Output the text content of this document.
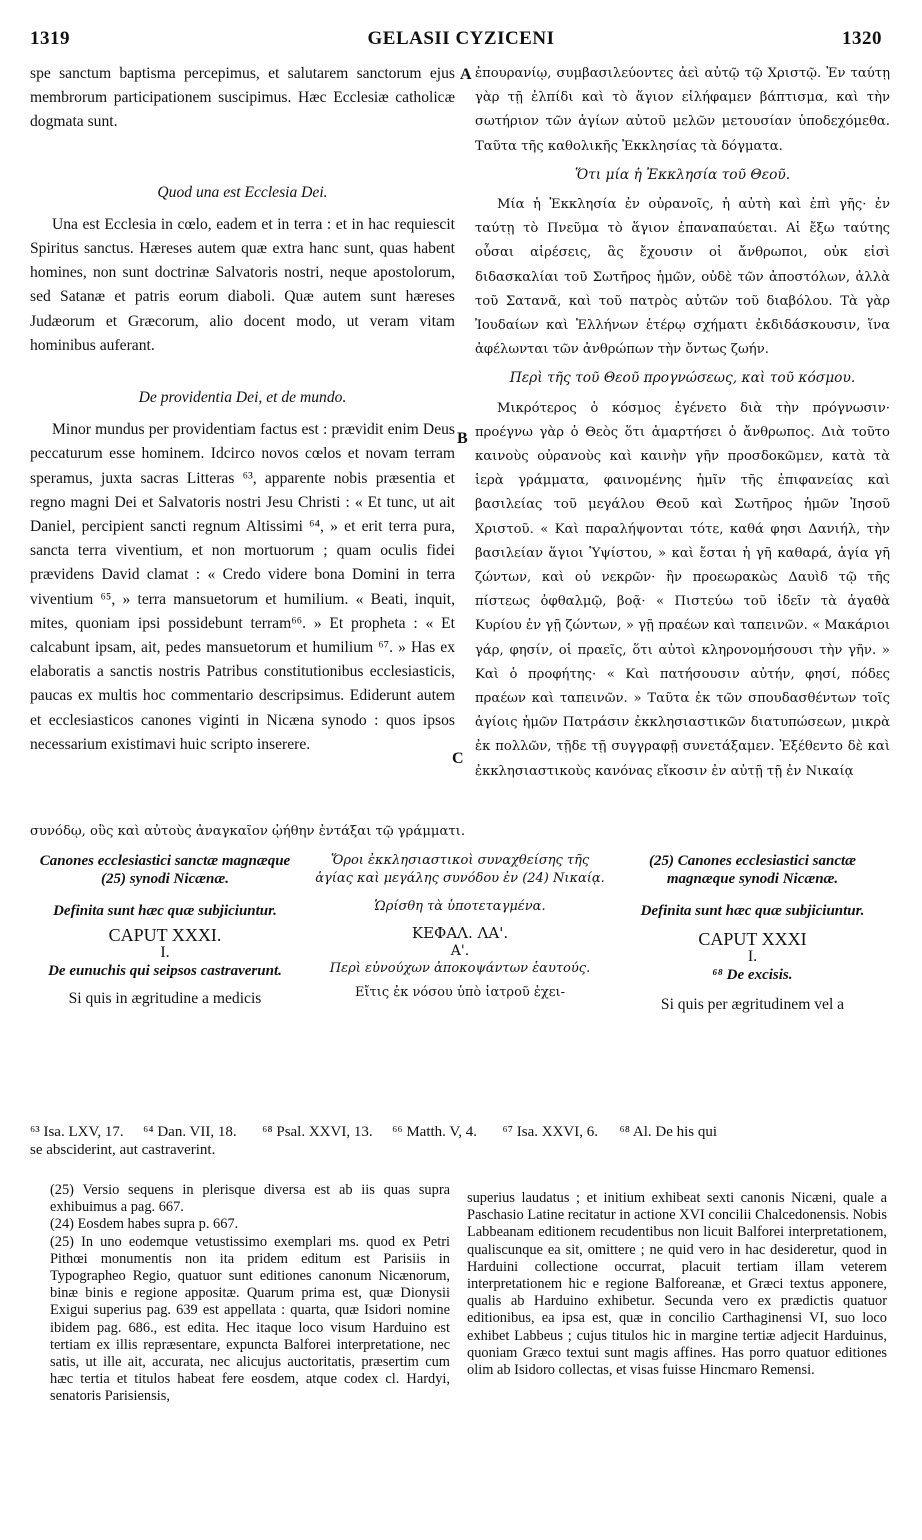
1319	GELASII CYZICENI	1320

spe sanctum baptisma percepimus, et salutarem sanctorum ejus membrorum participationem suscipimus. Hæc Ecclesiæ catholicæ dogmata sunt.

Quod una est Ecclesia Dei.

Una est Ecclesia in cœlo, eadem et in terra : et in hac requiescit Spiritus sanctus. Hæreses autem quæ extra hanc sunt, quas habent homines, non sunt doctrinæ Salvatoris nostri, neque apostolorum, sed Satanæ et patris eorum diaboli. Quæ autem sunt hæreses Judæorum et Græcorum, alio docent modo, ut veram vitam hominibus auferant.

De providentia Dei, et de mundo.

Minor mundus per providentiam factus est : prævidit enim Deus peccaturum esse hominem. Idcirco novos cœlos et novam terram speramus, juxta sacras Litteras ⁶³, apparente nobis præsentia et regno magni Dei et Salvatoris nostri Jesu Christi : « Et tunc, ut ait Daniel, percipient sancti regnum Altissimi ⁶⁴, » et erit terra pura, sancta terra viventium, et non mortuorum ; quam oculis fidei prævidens David clamat : « Credo videre bona Domini in terra viventium ⁶⁵, » terra mansuetorum et humilium. « Beati, inquit, mites, quoniam ipsi possidebunt terram⁶⁶. » Et propheta : « Et calcabunt ipsam, ait, pedes mansuetorum et humilium ⁶⁷. » Has ex elaboratis a sanctis nostris Patribus constitutionibus ecclesiasticis, paucas ex multis hoc commentario descripsimus. Ediderunt autem et ecclesiasticos canones viginti in Nicæna synodo : quos ipsos necessarium existimavi huic scripto inserere.

A
B
C

ἐπουρανίῳ, συμβασιλεύοντες ἀεὶ αὐτῷ τῷ Χριστῷ. Ἐν ταύτῃ γὰρ τῇ ἐλπίδι καὶ τὸ ἅγιον εἰλήφαμεν βάπτισμα, καὶ τὴν σωτήριον τῶν ἁγίων αὐτοῦ μελῶν μετουσίαν ὑποδεχόμεθα. Ταῦτα τῆς καθολικῆς Ἐκκλησίας τὰ δόγματα.

Ὅτι μία ἡ Ἐκκλησία τοῦ Θεοῦ.

Μία ἡ Ἐκκλησία ἐν οὐρανοῖς, ἡ αὐτὴ καὶ ἐπὶ γῆς· ἐν ταύτῃ τὸ Πνεῦμα τὸ ἅγιον ἐπαναπαύεται. Αἱ ἔξω ταύτης οὖσαι αἱρέσεις, ἃς ἔχουσιν οἱ ἄνθρωποι, οὐκ εἰσὶ διδασκαλίαι τοῦ Σωτῆρος ἡμῶν, οὐδὲ τῶν ἀποστόλων, ἀλλὰ τοῦ Σατανᾶ, καὶ τοῦ πατρὸς αὐτῶν τοῦ διαβόλου. Τὰ γὰρ Ἰουδαίων καὶ Ἑλλήνων ἑτέρῳ σχήματι ἐκδιδάσκουσιν, ἵνα ἀφέλωνται τῶν ἀνθρώπων τὴν ὄντως ζωήν.

Περὶ τῆς τοῦ Θεοῦ προγνώσεως, καὶ τοῦ κόσμου.

Μικρότερος ὁ κόσμος ἐγένετο διὰ τὴν πρόγνωσιν· προέγνω γὰρ ὁ Θεὸς ὅτι ἁμαρτήσει ὁ ἄνθρωπος. Διὰ τοῦτο καινοὺς οὐρανοὺς καὶ καινὴν γῆν προσδοκῶμεν, κατὰ τὰ ἱερὰ γράμματα, φαινομένης ἡμῖν τῆς ἐπιφανείας καὶ βασιλείας τοῦ μεγάλου Θεοῦ καὶ Σωτῆρος ἡμῶν Ἰησοῦ Χριστοῦ. « Καὶ παραλήψονται τότε, καθά φησι Δανιήλ, τὴν βασιλείαν ἅγιοι Ὑψίστου, » καὶ ἔσται ἡ γῆ καθαρά, ἁγία γῆ ζώντων, καὶ οὐ νεκρῶν· ἣν προεωρακὼς Δαυὶδ τῷ τῆς πίστεως ὀφθαλμῷ, βοᾷ· « Πιστεύω τοῦ ἰδεῖν τὰ ἀγαθὰ Κυρίου ἐν γῇ ζώντων, » γῇ πραέων καὶ ταπεινῶν. « Μακάριοι γάρ, φησίν, οἱ πραεῖς, ὅτι αὐτοὶ κληρονομήσουσι τὴν γῆν. » Καὶ ὁ προφήτης· « Καὶ πατήσουσιν αὐτήν, φησί, πόδες πραέων καὶ ταπεινῶν. » Ταῦτα ἐκ τῶν σπουδασθέντων τοῖς ἁγίοις ἡμῶν Πατράσιν ἐκκλησιαστικῶν διατυπώσεων, μικρὰ ἐκ πολλῶν, τῇδε τῇ συγγραφῇ συνετάξαμεν. Ἐξέθεντο δὲ καὶ ἐκκλησιαστικοὺς κανόνας εἴκοσιν ἐν αὐτῇ τῇ ἐν Νικαίᾳ

συνόδῳ, οὓς καὶ αὐτοὺς ἀναγκαῖον ᾠήθην ἐντάξαι τῷ γράμματι.
Canones ecclesiastici sanctæ magnæque (25) synodi Nicænæ.
Definita sunt hæc quæ subjiciuntur.
CAPUT XXXI.
I.
De eunuchis qui seipsos castraverunt.
Si quis in ægritudine a medicis
Ὅροι ἐκκλησιαστικοὶ συναχθείσης τῆς ἁγίας καὶ μεγάλης συνόδου ἐν (24) Νικαίᾳ.
Ὡρίσθη τὰ ὑποτεταγμένα.
ΚΕΦΑΛ. ΛΑ'.
Α'.
Περὶ εὐνούχων ἀποκοψάντων ἑαυτούς.
Εἴτις ἐκ νόσου ὑπὸ ἰατροῦ ἐχει-
(25) Canones ecclesiastici sanctæ magnæque synodi Nicænæ.
Definita sunt hæc quæ subjiciuntur.
CAPUT XXXI
I.
⁶⁸ De excisis.
Si quis per ægritudinem vel a
⁶³ Isa. LXV, 17. ⁶⁴ Dan. VII, 18. ⁶⁸ Psal. XXVI, 13. ⁶⁶ Matth. V, 4. ⁶⁷ Isa. XXVI, 6. ⁶⁸ Al. De his qui
se absciderint, aut castraverint.

(25) Versio sequens in plerisque diversa est ab iis quas supra exhibuimus a pag. 667.

(24) Eosdem habes supra p. 667.

(25) In uno eodemque vetustissimo exemplari ms. quod ex Petri Pithœi monumentis non ita pridem editum est Parisiis in Typographeo Regio, quatuor sunt editiones canonum Nicænorum, binæ binis e regione appositæ. Quarum prima est, quæ Dionysii Exigui superius pag. 639 est appellata : quarta, quæ Isidori nomine ibidem pag. 686., est edita. Hec itaque loco visum Harduino est tertiam ex illis repræsentare, expuncta Balforei interpretatione, nec satis, ut ille ait, accurata, nec alicujus auctoritatis, præsertim cum hæc tertia et titulos habeat fere eosdem, atque codex cl. Hardyi, senatoris Parisiensis,

superius laudatus ; et initium exhibeat sexti canonis Nicæni, quale a Paschasio Latine recitatur in actione XVI concilii Chalcedonensis. Nobis Labbeanam editionem recudentibus non licuit Balforei interpretationem, qualiscunque ea sit, omittere ; ne quid vero in hac desideretur, quod in Harduini collectione occurrat, placuit tertiam illam veterem interpretationem hic e regione Balforeanæ, et Græci textus apponere, qualis ab Harduino exhibetur. Secunda vero ex prædictis quatuor editionibus, ea ipsa est, quæ in concilio Carthaginensi VI, suo loco exhibet Labbeus ; cujus titulos hic in margine tertiæ adjecit Harduinus, quoniam Græco textui sunt magis affines. Has porro quatuor editiones olim ab Isidoro collectas, et visas fuisse Hincmaro Remensi.
